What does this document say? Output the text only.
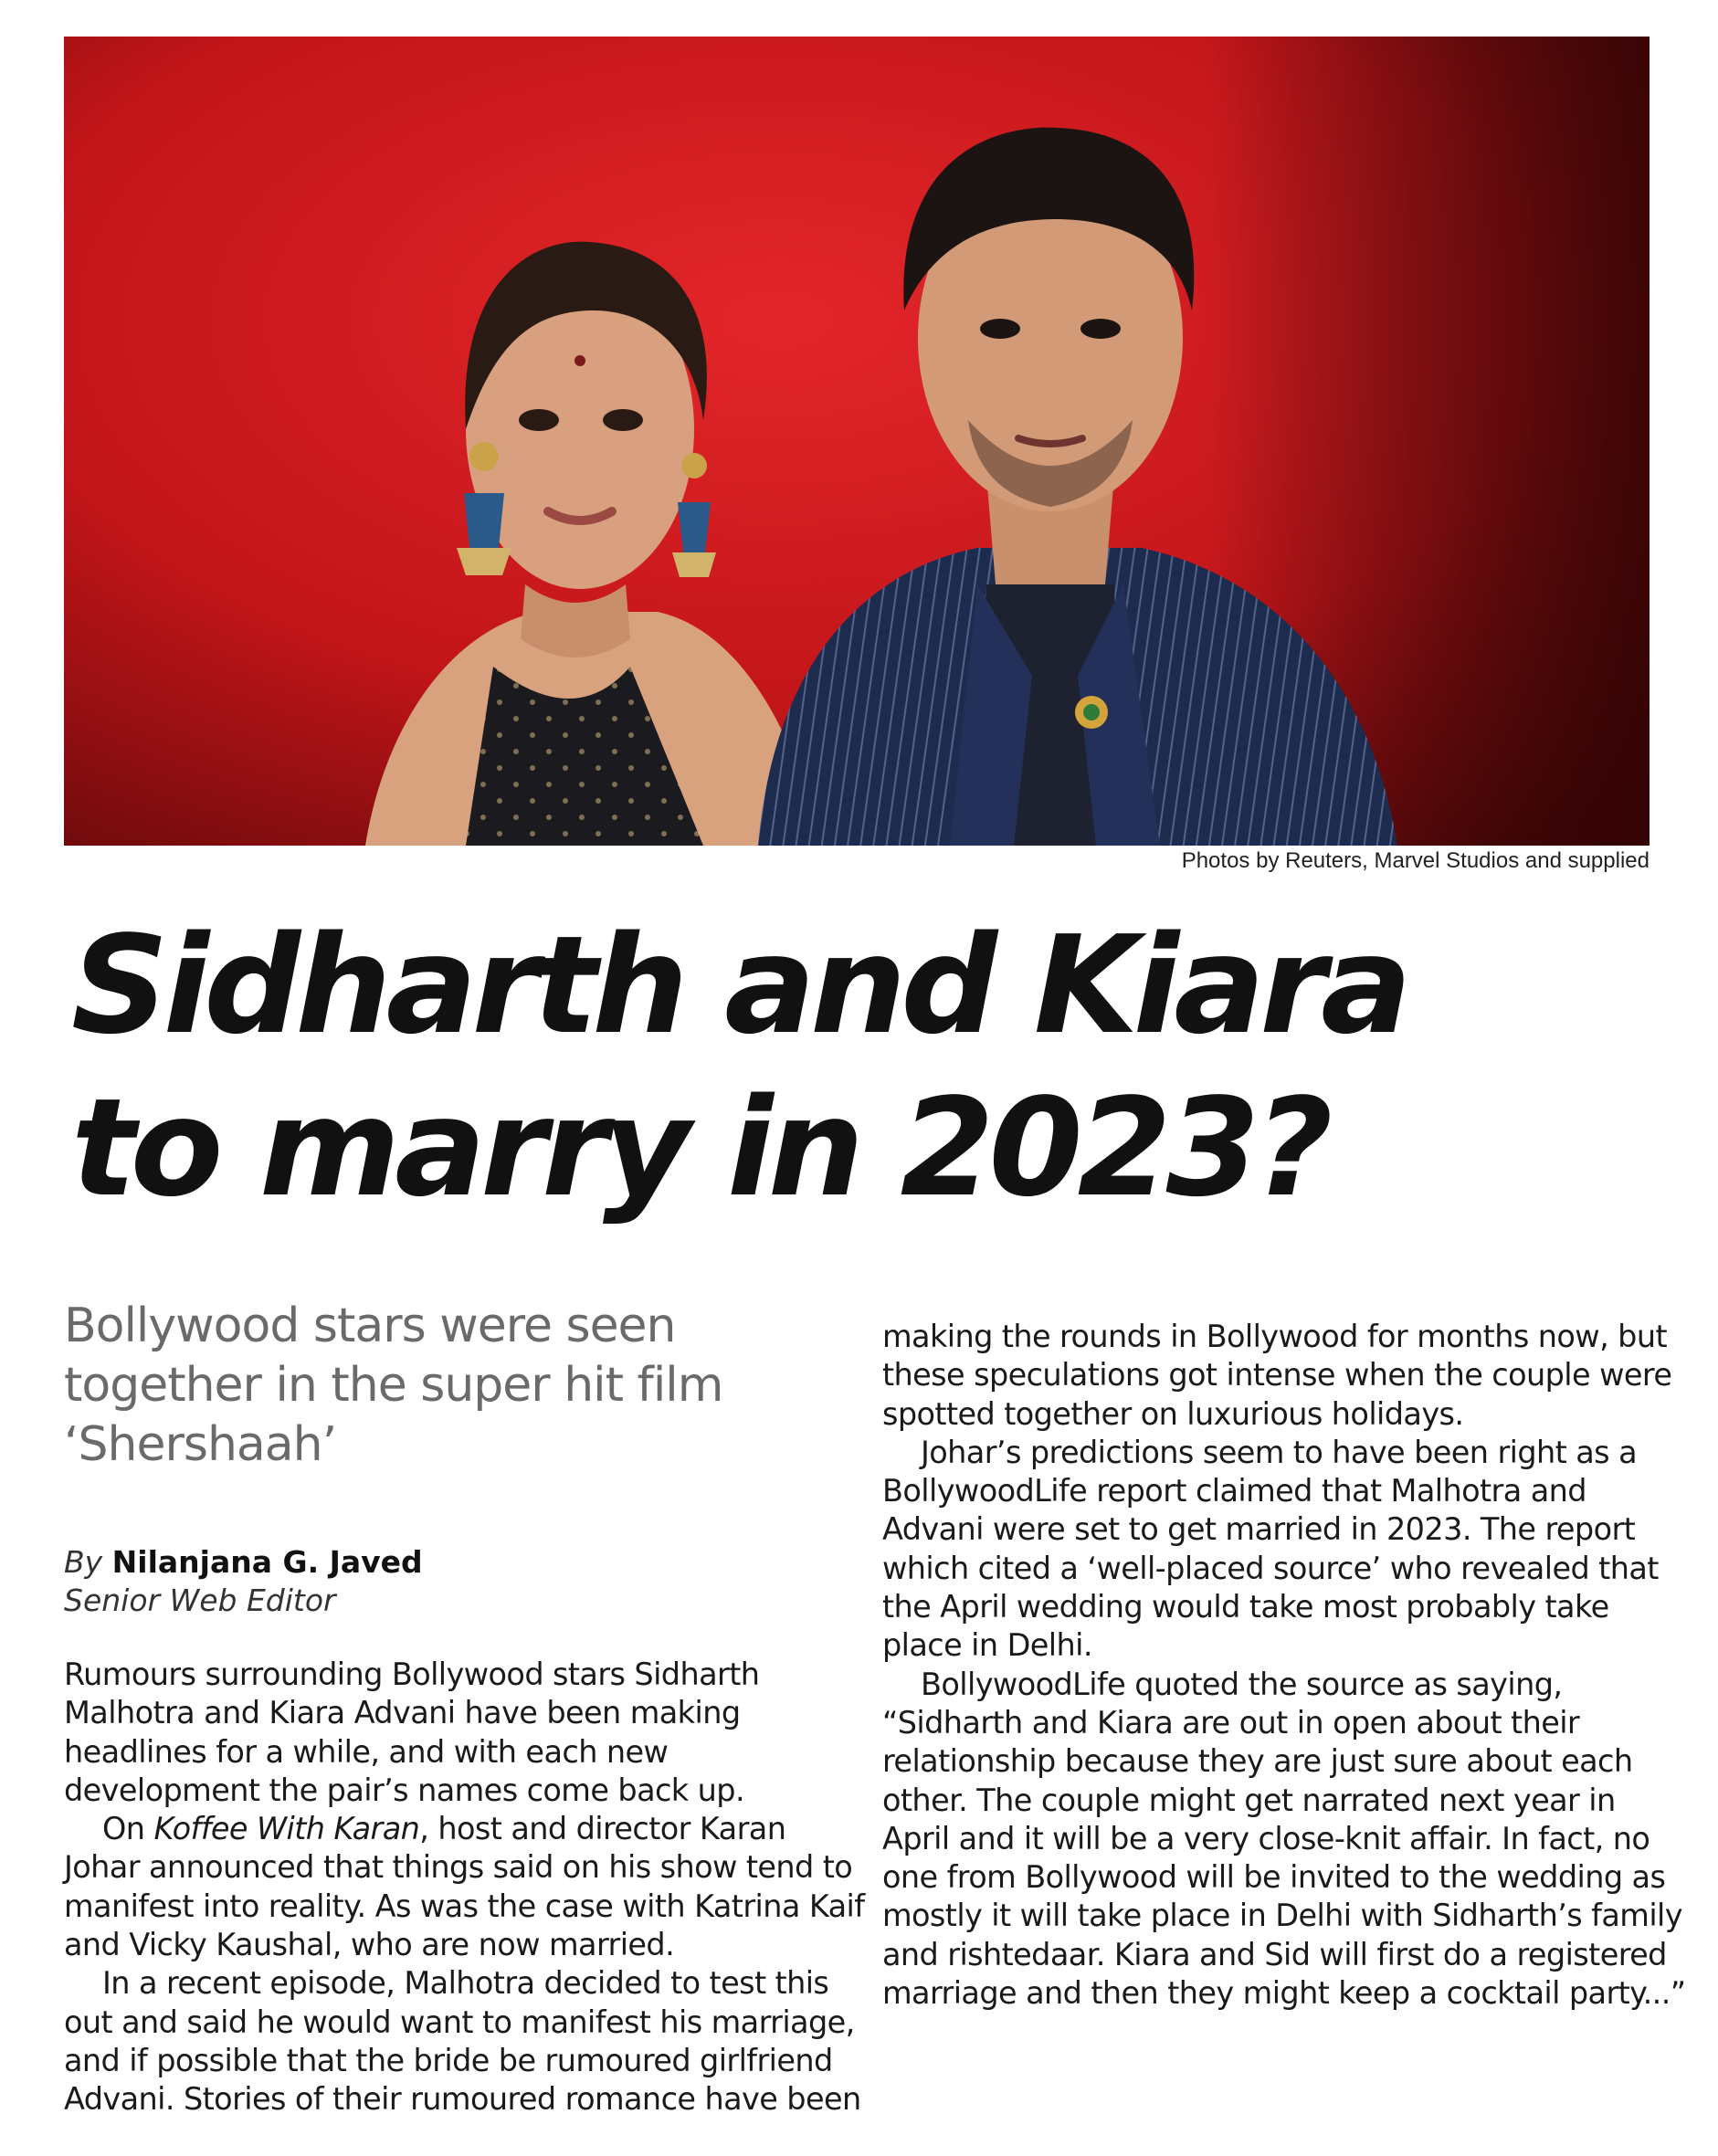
Photos by Reuters, Marvel Studios and supplied
Sidharth and Kiara
to marry in 2023?

Bollywood stars were seen together in the super hit film ‘Shershaah’

By Nilanjana G. Javed
Senior Web Editor

Rumours surrounding Bollywood stars Sidharth Malhotra and Kiara Advani have been making headlines for a while, and with each new development the pair’s names come back up.

On Koffee With Karan, host and director Karan Johar announced that things said on his show tend to manifest into reality. As was the case with Katrina Kaif and Vicky Kaushal, who are now married.

In a recent episode, Malhotra decided to test this out and said he would want to manifest his marriage, and if possible that the bride be rumoured girlfriend Advani. Stories of their rumoured romance have been

making the rounds in Bollywood for months now, but these speculations got intense when the couple were spotted together on luxurious holidays.

Johar’s predictions seem to have been right as a BollywoodLife report claimed that Malhotra and Advani were set to get married in 2023. The report which cited a ‘well-placed source’ who revealed that the April wedding would take most probably take place in Delhi.

BollywoodLife quoted the source as saying, “Sidharth and Kiara are out in open about their relationship because they are just sure about each other. The couple might get narrated next year in April and it will be a very close-knit affair. In fact, no one from Bollywood will be invited to the wedding as mostly it will take place in Delhi with Sidharth’s family and rishtedaar. Kiara and Sid will first do a registered marriage and then they might keep a cocktail party...”
